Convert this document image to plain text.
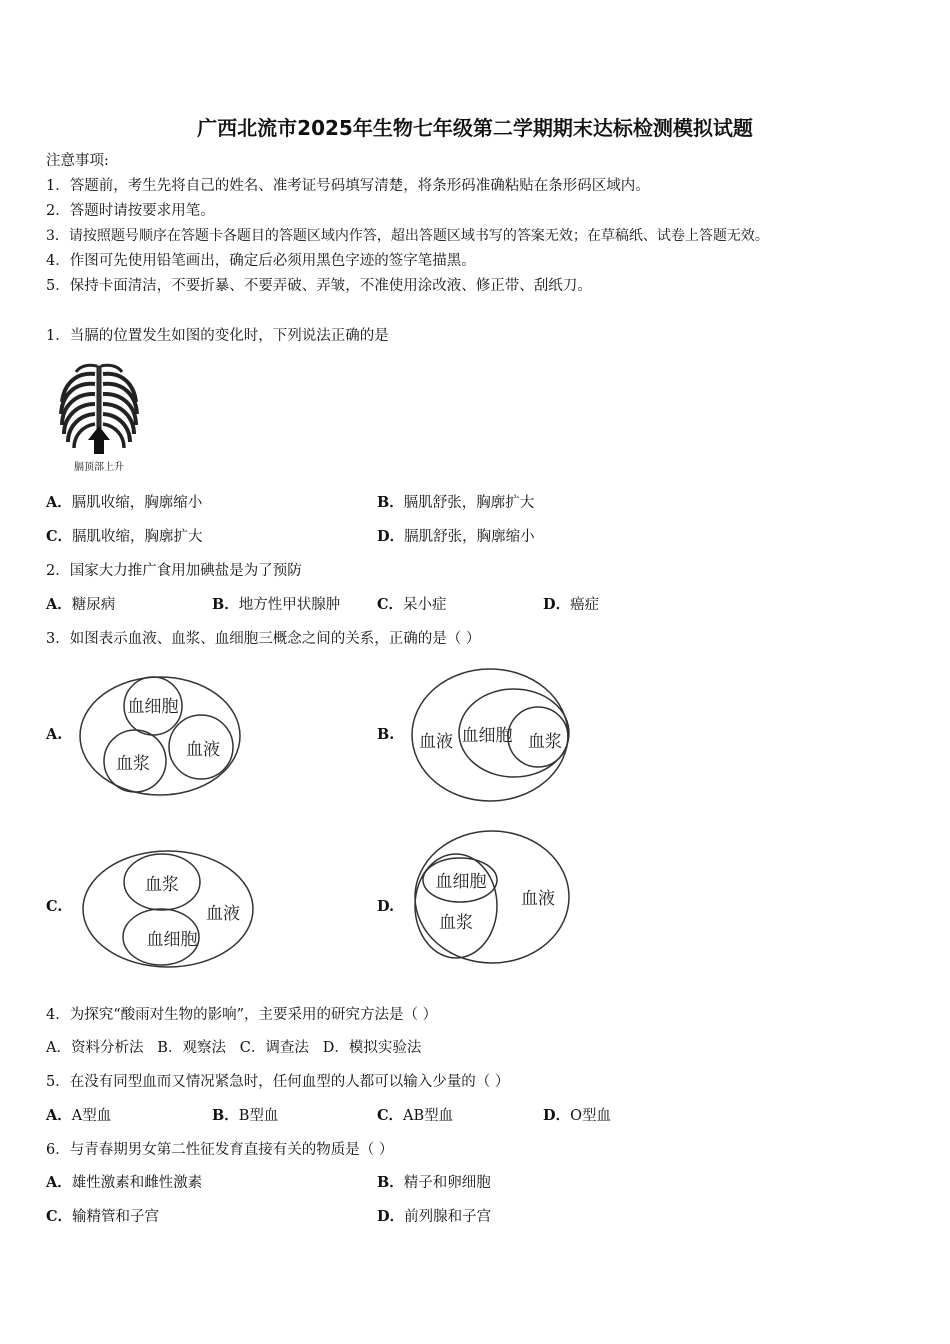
广西北流市2025年生物七年级第二学期期末达标检测模拟试题
注意事项:
1．答题前，考生先将自己的姓名、准考证号码填写清楚，将条形码准确粘贴在条形码区域内。
2．答题时请按要求用笔。
3．请按照题号顺序在答题卡各题目的答题区域内作答，超出答题区域书写的答案无效；在草稿纸、试卷上答题无效。
4．作图可先使用铅笔画出，确定后必须用黑色字迹的签字笔描黑。
5．保持卡面清洁，不要折暴、不要弄破、弄皱，不准使用涂改液、修正带、刮纸刀。
1．当膈的位置发生如图的变化时，下列说法正确的是
膈顶部上升
A．膈肌收缩，胸廓缩小	B．膈肌舒张，胸廓扩大
C．膈肌收缩，胸廓扩大	D．膈肌舒张，胸廓缩小
2．国家大力推广食用加碘盐是为了预防
A．糖尿病	B．地方性甲状腺肿	C．呆小症	D．癌症
3．如图表示血液、血浆、血细胞三概念之间的关系，正确的是（ ）
A.
血细胞
血浆
血液
B. 血液 血细胞 血浆
C.
血浆
血液
血细胞
D.
血细胞
血液
血浆
4．为探究“酸雨对生物的影响”，主要采用的研究方法是（ ）
A．资料分析法   B．观察法   C．调查法   D．模拟实验法
5．在没有同型血而又情况紧急时，任何血型的人都可以输入少量的（ ）
A．A型血	B．B型血	C．AB型血	D．O型血
6．与青春期男女第二性征发育直接有关的物质是（ ）
A．雄性激素和雌性激素	B．精子和卵细胞
C．输精管和子宫	D．前列腺和子宫
